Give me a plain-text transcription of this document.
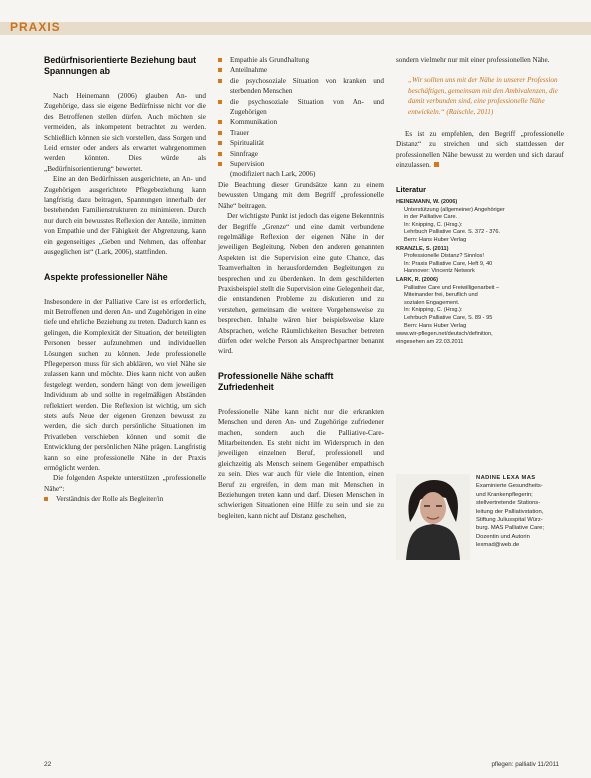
PRAXIS
Bedürfnisorientierte Beziehung baut Spannungen ab

Nach Heinemann (2006) glauben An- und Zugehörige, dass sie eigene Bedürfnisse nicht vor die des Betroffenen stellen dürfen. Auch möchten sie vermeiden, als inkompetent betrachtet zu werden. Schließlich können sie sich vorstellen, dass Sorgen und Leid ernster oder anders als erwartet wahrgenommen werden könnten. Dies würde als „Bedürfnisorientierung“ bewertet.

Eine an den Bedürfnissen ausgerichtete, an An- und Zugehörigen ausgerichtete Pflegebeziehung kann langfristig dazu beitragen, Spannungen innerhalb der bestehenden Familienstrukturen zu minimieren. Durch nur durch ein bewusstes Reflexion der Anteile, inmitten von Empathie und der Fähigkeit der Abgrenzung, kann ein gegenseitiges „Geben und Nehmen, das offenbar ausgeglichen ist“ (Lark, 2006), stattfinden.

Aspekte professioneller Nähe

Insbesondere in der Palliative Care ist es erforderlich, mit Betroffenen und deren An- und Zugehörigen in eine tiefe und ehrliche Beziehung zu treten. Dadurch kann es gelingen, die Komplexität der Situation, der beteiligten Personen besser aufzunehmen und individuellen Lösungen suchen zu können. Jede professionelle Pflegeperson muss für sich abklären, wo viel Nähe sie zulassen kann und möchte. Dies kann nicht von außen festgelegt werden, sondern hängt von dem jeweiligen Individuum ab und sollte in regelmäßigen Abständen reflektiert werden. Die Reflexion ist wichtig, um sich stets aufs Neue der eigenen Grenzen bewusst zu werden, die sich durch persönliche Situationen im Privatleben verschieben können und somit die Entwicklung der persönlichen Nähe prägen. Langfristig kann so eine professionelle Nähe in der Praxis ermöglicht werden.

Die folgenden Aspekte unterstützen „professionelle Nähe“:

Verständnis der Rolle als Begleiter/in
Empathie als Grundhaltung
Anteilnahme
die psychosoziale Situation von kranken und sterbenden Menschen
die psychosoziale Situation von An- und Zugehörigen
Kommunikation
Trauer
Spiritualität
Sinnfrage
Supervision

(modifiziert nach Lark, 2006)

Die Beachtung dieser Grundsätze kann zu einem bewussten Umgang mit dem Begriff „professionelle Nähe“ beitragen.

Der wichtigste Punkt ist jedoch das eigene Bekenntnis der Begriffe „Grenze“ und eine damit verbundene regelmäßige Reflexion der eigenen Nähe in der jeweiligen Begleitung. Neben den anderen genannten Aspekten ist die Supervision eine gute Chance, das Teamverhalten in herausfordernden Begleitungen zu besprechen und zu überdenken. In dem geschilderten Praxisbeispiel stellt die Supervision eine Gelegenheit dar, die entstandenen Probleme zu diskutieren und zu verstehen, gemeinsam die weitere Vorgehensweise zu besprechen. Inhalte wären hier beispielsweise klare Absprachen, welche Räumlichkeiten Besucher betreten dürfen oder welche Person als Ansprechpartner benannt wird.

Professionelle Nähe schafft Zufriedenheit

Professionelle Nähe kann nicht nur die erkrankten Menschen und deren An- und Zugehörige zufriedener machen, sondern auch die Palliative-Care-Mitarbeitenden. Es steht nicht im Widerspruch in den jeweiligen einzelnen Beruf, professionell und gleichzeitig als Mensch seinem Gegenüber empathisch zu sein. Dies war auch für viele die Intention, einen Beruf zu ergreifen, in dem man mit Menschen in Beziehungen treten kann und darf. Diesen Menschen in schwierigen Situationen eine Hilfe zu sein und sie zu begleiten, kann nicht auf Distanz geschehen,

sondern vielmehr nur mit einer professionellen Nähe.

„Wir sollten uns mit der Nähe in unserer Profession beschäftigen, gemeinsam mit den Ambivalenzen, die damit verbunden sind, eine professionelle Nähe entwickeln.“ (Raischle, 2011)

Es ist zu empfehlen, den Begriff „professionelle Distanz“ zu streichen und sich stattdessen der professionellen Nähe bewusst zu werden und sich darauf einzulassen.

Literatur
HEINEMANN, W. (2006)
Unterstützung (allgemeiner) Angehöriger
in der Palliative Care.
In: Knipping, C. (Hrsg.):
Lehrbuch Palliative Care. S. 372 - 376.
Bern: Hans Huber Verlag
KRANZLE, S. (2011)
Professionelle Distanz? Sinnlos!
In: Praxis Palliative Care, Heft 9, 40
Hannover: Vincentz Network
LARK, R. (2006)
Palliative Care und Freiwilligenarbeit –
Miteinander frei, beruflich und
sozialen Engagement.
In: Knipping, C. (Hrsg.):
Lehrbuch Palliative Care, S. 89 - 95
Bern: Hans Huber Verlag
www.wir-pflegen.net/deutsch/definition,
eingesehen am 22.03.2011
NADINE LEXA MAS
Examinierte Gesundheits-
und Krankenpflegerin;
stellvertretende Stations-
leitung der Palliativstation,
Stiftung Juliusspital Würz-
burg. MAS Palliative Care;
Dozentin und Autorin
lexmad@web.de
22	pflegen: palliativ 11/2011
